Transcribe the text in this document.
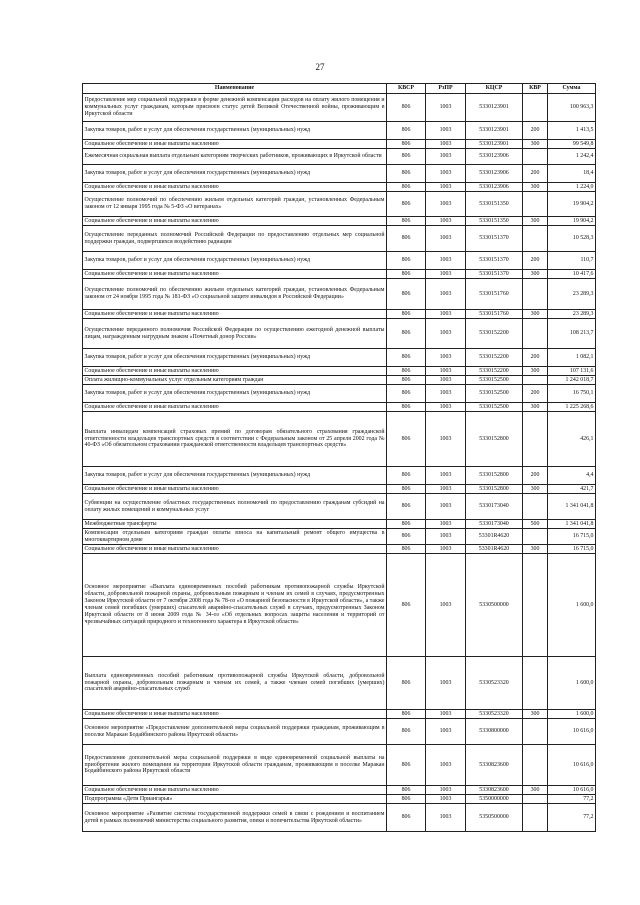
27
Наименование	КВСР	РзПР	КЦСР	КВР	Сумма
Предоставление мер социальной поддержки в форме денежной компенсации расходов на оплату жилого помещения и коммунальных услуг гражданам, которым присвоен статус детей Великой Отечественной войны, проживающим в Иркутской области	806	1003	5330123901		100 963,3
Закупка товаров, работ и услуг для обеспечения государственных (муниципальных) нужд	806	1003	5330123901	200	1 413,5
Социальное обеспечение и иные выплаты населению	806	1003	5330123901	300	99 549,8
Ежемесячная социальная выплата отдельным категориям творческих работников, проживающих в Иркутской области	806	1003	5330123906		1 242,4
Закупка товаров, работ и услуг для обеспечения государственных (муниципальных) нужд	806	1003	5330123906	200	18,4
Социальное обеспечение и иные выплаты населению	806	1003	5330123906	300	1 224,0
Осуществление полномочий по обеспечению жильем отдельных категорий граждан, установленных Федеральным законом от 12 января 1995 года № 5-ФЗ «О ветеранах»	806	1003	5330151350		19 904,2
Социальное обеспечение и иные выплаты населению	806	1003	5330151350	300	19 904,2
Осуществление переданных полномочий Российской Федерации по предоставлению отдельных мер социальной поддержки граждан, подвергшихся воздействию радиации	806	1003	5330151370		10 528,3
Закупка товаров, работ и услуг для обеспечения государственных (муниципальных) нужд	806	1003	5330151370	200	110,7
Социальное обеспечение и иные выплаты населению	806	1003	5330151370	300	10 417,6
Осуществление полномочий по обеспечению жильем отдельных категорий граждан, установленных Федеральным законом от 24 ноября 1995 года № 181-ФЗ «О социальной защите инвалидов в Российской Федерации»	806	1003	5330151760		23 289,3
Социальное обеспечение и иные выплаты населению	806	1003	5330151760	300	23 289,3
Осуществление переданного полномочия Российской Федерации по осуществлению ежегодной денежной выплаты лицам, награжденным нагрудным знаком «Почетный донор России»	806	1003	5330152200		108 213,7
Закупка товаров, работ и услуг для обеспечения государственных (муниципальных) нужд	806	1003	5330152200	200	1 082,1
Социальное обеспечение и иные выплаты населению	806	1003	5330152200	300	107 131,6
Оплата жилищно-коммунальных услуг отдельным категориям граждан	806	1003	5330152500		1 242 018,7
Закупка товаров, работ и услуг для обеспечения государственных (муниципальных) нужд	806	1003	5330152500	200	16 750,1
Социальное обеспечение и иные выплаты населению	806	1003	5330152500	300	1 225 268,6
Выплата инвалидам компенсаций страховых премий по договорам обязательного страхования гражданской ответственности владельцев транспортных средств в соответствии с Федеральным законом от 25 апреля 2002 года № 40-ФЗ «Об обязательном страховании гражданской ответственности владельцев транспортных средств»	806	1003	5330152800		426,1
Закупка товаров, работ и услуг для обеспечения государственных (муниципальных) нужд	806	1003	5330152800	200	4,4
Социальное обеспечение и иные выплаты населению	806	1003	5330152800	300	421,7
Субвенции на осуществление областных государственных полномочий по предоставлению гражданам субсидий на оплату жилых помещений и коммунальных услуг	806	1003	5330173040		1 341 041,8
Межбюджетные трансферты	806	1003	5330173040	500	1 341 041,8
Компенсация отдельным категориям граждан оплаты взноса на капитальный ремонт общего имущества в многоквартирном доме	806	1003	53301R4620		16 715,0
Социальное обеспечение и иные выплаты населению	806	1003	53301R4620	300	16 715,0
Основное мероприятие «Выплата единовременных пособий работникам противопожарной службы Иркутской области, добровольной пожарной охраны, добровольным пожарным и членам их семей в случаях, предусмотренных Законом Иркутской области от 7 октября 2008 года № 78-оз «О пожарной безопасности в Иркутской области», а также членам семей погибших (умерших) спасателей аварийно-спасательных служб в случаях, предусмотренных Законом Иркутской области от 8 июня 2009 года № 34-оз «Об отдельных вопросах защиты населения и территорий от чрезвычайных ситуаций природного и техногенного характера в Иркутской области»	806	1003	5330500000		1 600,0
Выплата единовременных пособий работникам противопожарной службы Иркутской области, добровольной пожарной охраны, добровольным пожарным и членам их семей, а также членам семей погибших (умерших) спасателей аварийно-спасательных служб	806	1003	5330523320		1 600,0
Социальное обеспечение и иные выплаты населению	806	1003	5330523320	300	1 600,0
Основное мероприятие «Предоставление дополнительной меры социальной поддержки гражданам, проживающим в поселке Маракан Бодайбинского района Иркутской области»	806	1003	5330800000		10 616,0
Предоставление дополнительной меры социальной поддержки в виде единовременной социальной выплаты на приобретение жилого помещения на территории Иркутской области гражданам, проживающим в поселке Маракан Бодайбинского района Иркутской области	806	1003	5330823600		10 616,0
Социальное обеспечение и иные выплаты населению	806	1003	5330823600	300	10 616,0
Подпрограмма «Дети Приангарья»	806	1003	5350000000		77,2
Основное мероприятие «Развитие системы государственной поддержки семей в связи с рождением и воспитанием детей в рамках полномочий министерства социального развития, опеки и попечительства Иркутской области»	806	1003	5350500000		77,2
